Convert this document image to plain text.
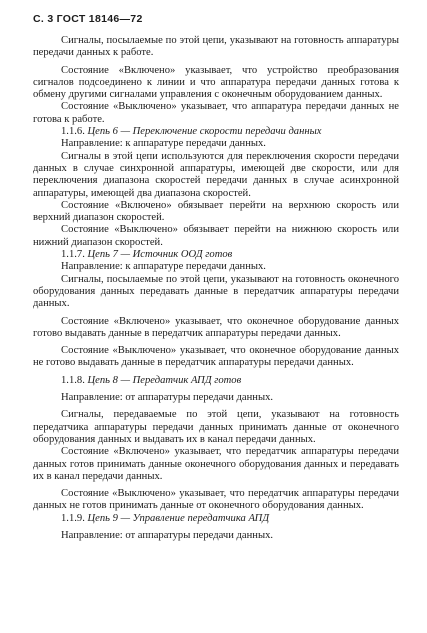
С. 3 ГОСТ 18146—72

Сигналы, посылаемые по этой цепи, указывают на готовность аппаратуры передачи данных к работе.

Состояние «Включено» указывает, что устройство преобразования сигналов подсоединено к линии и что аппаратура передачи данных готова к обмену другими сигналами управления с оконечным оборудованием данных.

Состояние «Выключено» указывает, что аппаратура передачи данных не готова к работе.

1.1.6. Цепь 6 — Переключение скорости передачи данных

Направление: к аппаратуре передачи данных.

Сигналы в этой цепи используются для переключения скорости передачи данных в случае синхронной аппаратуры, имеющей две скорости, или для переключения диапазона скоростей передачи данных в случае асинхронной аппаратуры, имеющей два диапазона скоростей.

Состояние «Включено» обязывает перейти на верхнюю скорость или верхний диапазон скоростей.

Состояние «Выключено» обязывает перейти на нижнюю скорость или нижний диапазон скоростей.

1.1.7. Цепь 7 — Источник ООД готов

Направление: к аппаратуре передачи данных.

Сигналы, посылаемые по этой цепи, указывают на готовность оконечного оборудования данных передавать данные в передатчик аппаратуры передачи данных.

Состояние «Включено» указывает, что оконечное оборудование данных готово выдавать данные в передатчик аппаратуры передачи данных.

Состояние «Выключено» указывает, что оконечное оборудование данных не готово выдавать данные в передатчик аппаратуры передачи данных.

1.1.8. Цепь 8 — Передатчик АПД готов

Направление: от аппаратуры передачи данных.

Сигналы, передаваемые по этой цепи, указывают на готовность передатчика аппаратуры передачи данных принимать данные от оконечного оборудования данных и выдавать их в канал передачи данных.

Состояние «Включено» указывает, что передатчик аппаратуры передачи данных готов принимать данные оконечного оборудования данных и передавать их в канал передачи данных.

Состояние «Выключено» указывает, что передатчик аппаратуры передачи данных не готов принимать данные от оконечного оборудования данных.

1.1.9. Цепь 9 — Управление передатчика АПД

Направление: от аппаратуры передачи данных.
